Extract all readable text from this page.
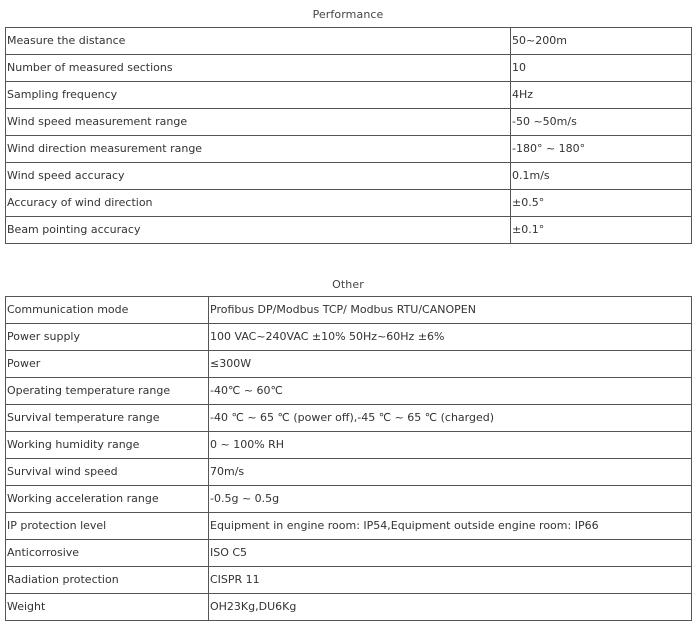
Performance
Measure the distance	50~200m
Number of measured sections	10
Sampling frequency	4Hz
Wind speed measurement range	-50 ~50m/s
Wind direction measurement range	-180° ~ 180°
Wind speed accuracy	0.1m/s
Accuracy of wind direction	±0.5°
Beam pointing accuracy	±0.1°
Other
Communication mode	Profibus DP/Modbus TCP/ Modbus RTU/CANOPEN
Power supply	100 VAC~240VAC ±10% 50Hz~60Hz ±6%
Power	≤300W
Operating temperature range	-40℃ ~ 60℃
Survival temperature range	-40 ℃ ~ 65 ℃ (power off),-45 ℃ ~ 65 ℃ (charged)
Working humidity range	0 ~ 100% RH
Survival wind speed	70m/s
Working acceleration range	-0.5g ~ 0.5g
IP protection level	Equipment in engine room: IP54,Equipment outside engine room: IP66
Anticorrosive	ISO C5
Radiation protection	CISPR 11
Weight	OH23Kg,DU6Kg
